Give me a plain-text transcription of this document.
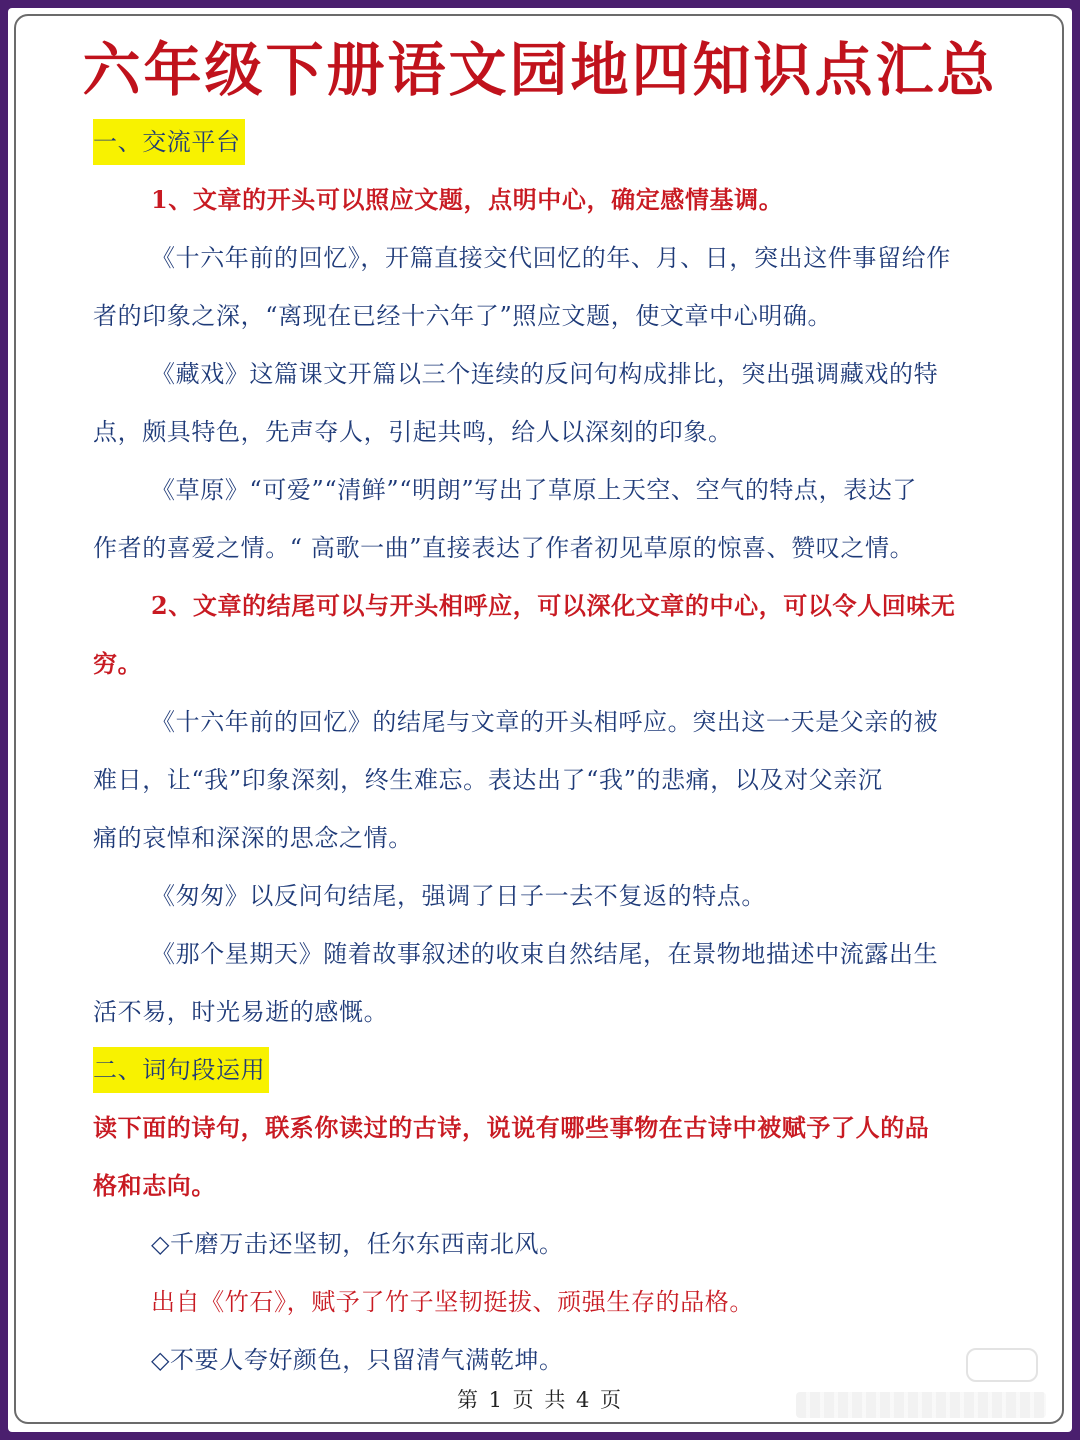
六年级下册语文园地四知识点汇总
一、交流平台
1、文章的开头可以照应文题，点明中心，确定感情基调。
《十六年前的回忆》，开篇直接交代回忆的年、月、日，突出这件事留给作
者的印象之深，“离现在已经十六年了”照应文题，使文章中心明确。
《藏戏》这篇课文开篇以三个连续的反问句构成排比，突出强调藏戏的特
点，颇具特色，先声夺人，引起共鸣，给人以深刻的印象。
《草原》“可爱”“清鲜”“明朗”写出了草原上天空、空气的特点，表达了
作者的喜爱之情。“ 高歌一曲”直接表达了作者初见草原的惊喜、赞叹之情。
2、文章的结尾可以与开头相呼应，可以深化文章的中心，可以令人回味无
穷。
《十六年前的回忆》的结尾与文章的开头相呼应。突出这一天是父亲的被
难日，让“我”印象深刻，终生难忘。表达出了“我”的悲痛，以及对父亲沉
痛的哀悼和深深的思念之情。
《匆匆》以反问句结尾，强调了日子一去不复返的特点。
《那个星期天》随着故事叙述的收束自然结尾，在景物地描述中流露出生
活不易，时光易逝的感慨。
二、词句段运用
读下面的诗句，联系你读过的古诗，说说有哪些事物在古诗中被赋予了人的品
格和志向。
◇千磨万击还坚韧，任尔东西南北风。
出自《竹石》，赋予了竹子坚韧挺拔、顽强生存的品格。
◇不要人夸好颜色，只留清气满乾坤。
第 1 页 共 4 页
